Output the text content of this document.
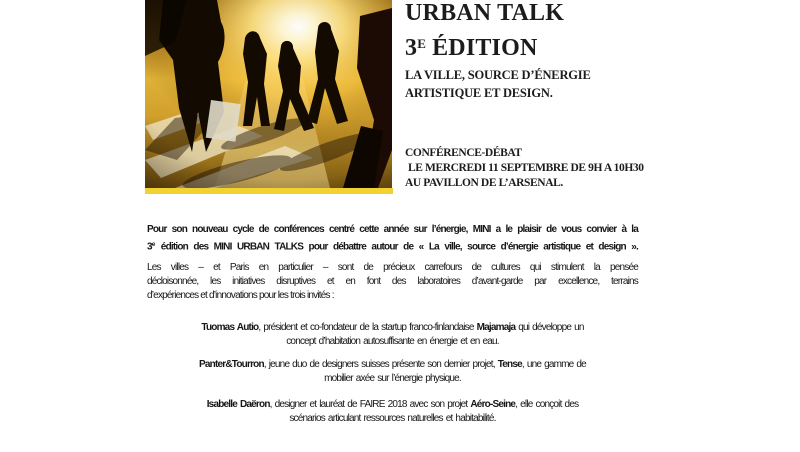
URBAN TALK
$3^E$ ÉDITION
LA VILLE, SOURCE D’ÉNERGIE
ARTISTIQUE ET DESIGN.
CONFÉRENCE-DÉBAT
LE MERCREDI 11 SEPTEMBRE DE 9H A 10H30
AU PAVILLON DE L’ARSENAL.
Pour son nouveau cycle de conférences centré cette année sur l’énergie, MINI a le plaisir de vous convier à la
3e édition des MINI URBAN TALKS pour débattre autour de « La ville, source d’énergie artistique et design ».
Les villes – et Paris en particulier – sont de précieux carrefours de cultures qui stimulent la pensée
décloisonnée, les initiatives disruptives et en font des laboratoires d’avant-garde par excellence, terrains
d’expériences et d’innovations pour les trois invités :
Tuomas Autio, président et co-fondateur de la startup franco-finlandaise Majamaja qui développe un
concept d’habitation autosuffisante en énergie et en eau.
Panter&Tourron, jeune duo de designers suisses présente son dernier projet, Tense, une gamme de
mobilier axée sur l’énergie physique.
Isabelle Daëron, designer et lauréat de FAIRE 2018 avec son projet Aéro-Seine, elle conçoit des
scénarios articulant ressources naturelles et habitabilité.
